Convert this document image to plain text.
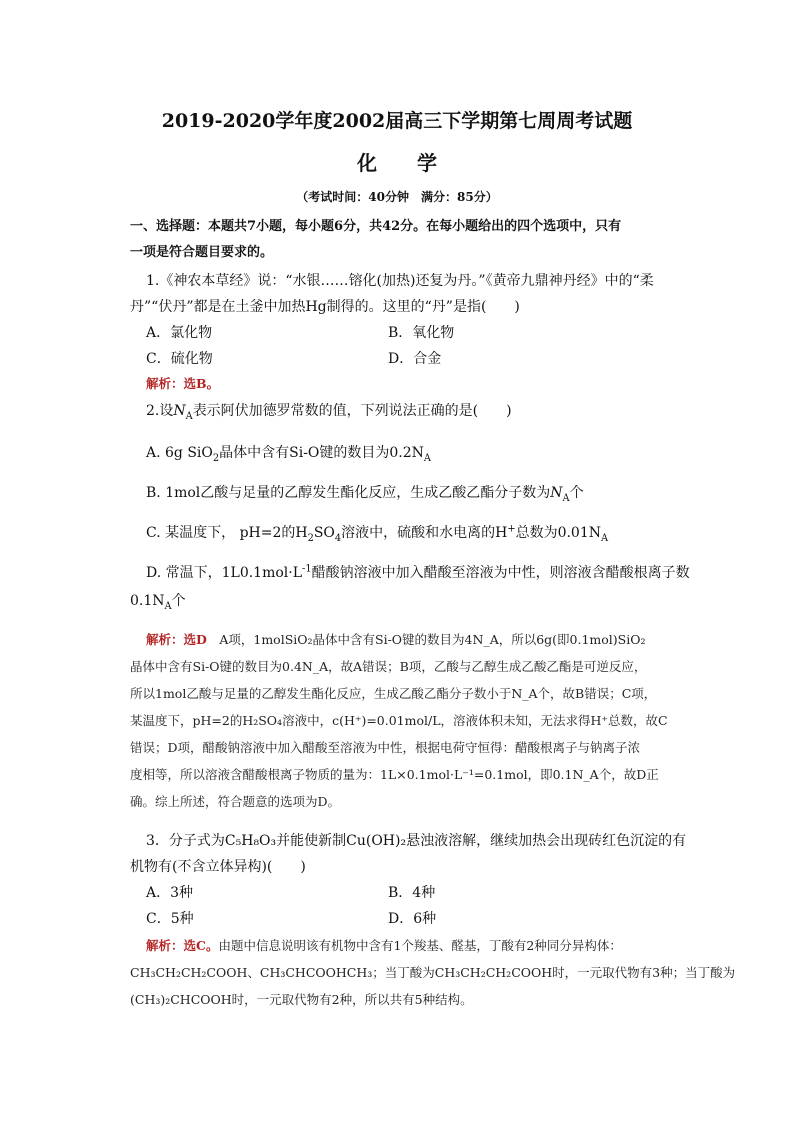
2019-2020学年度2002届高三下学期第七周周考试题
化学
（考试时间：40分钟　满分：85分）
一、选择题：本题共7小题，每小题6分，共42分。在每小题给出的四个选项中，只有
一项是符合题目要求的。
1.《神农本草经》说：“水银……镕化(加热)还复为丹。”《黄帝九鼎神丹经》中的“柔
丹”“伏丹”都是在土釜中加热Hg制得的。这里的“丹”是指(　　)
A．氯化物	B．氧化物
C．硫化物	D．合金
解析：选B。
2.设$N_A$表示阿伏加德罗常数的值，下列说法正确的是(　　)
A. 6g SiO$_2$晶体中含有Si-O键的数目为$0.2N_A$
B. 1mol乙酸与足量的乙醇发生酯化反应，生成乙酸乙酯分子数为$N_A$个
C. 某温度下， pH=2的$H_2SO_4$溶液中，硫酸和水电离的H+总数为$0.01N_A$
D. 常温下，$1L0.1mol\cdot L^{-1}$醋酸钠溶液中加入醋酸至溶液为中性，则溶液含醋酸根离子数
$0.1N_A$个
解析：选D　A项，1molSiO₂晶体中含有Si-O键的数目为4N_A，所以6g(即0.1mol)SiO₂
晶体中含有Si-O键的数目为0.4N_A，故A错误；B项，乙酸与乙醇生成乙酸乙酯是可逆反应，
所以1mol乙酸与足量的乙醇发生酯化反应，生成乙酸乙酯分子数小于N_A个，故B错误；C项，
某温度下，pH=2的H₂SO₄溶液中，c(H⁺)=0.01mol/L，溶液体积未知，无法求得H⁺总数，故C
错误；D项，醋酸钠溶液中加入醋酸至溶液为中性，根据电荷守恒得：醋酸根离子与钠离子浓
度相等，所以溶液含醋酸根离子物质的量为：1L×0.1mol·L⁻¹=0.1mol，即0.1N_A个，故D正
确。综上所述，符合题意的选项为D。
3．分子式为C₅H₈O₃并能使新制Cu(OH)₂悬浊液溶解，继续加热会出现砖红色沉淀的有
机物有(不含立体异构)(　　)
A．3种	B．4种
C．5种	D．6种
解析：选C。由题中信息说明该有机物中含有1个羧基、醛基，丁酸有2种同分异构体：
CH₃CH₂CH₂COOH、CH₃CHCOOHCH₃；当丁酸为CH₃CH₂CH₂COOH时，一元取代物有3种；当丁酸为
(CH₃)₂CHCOOH时，一元取代物有2种，所以共有5种结构。
